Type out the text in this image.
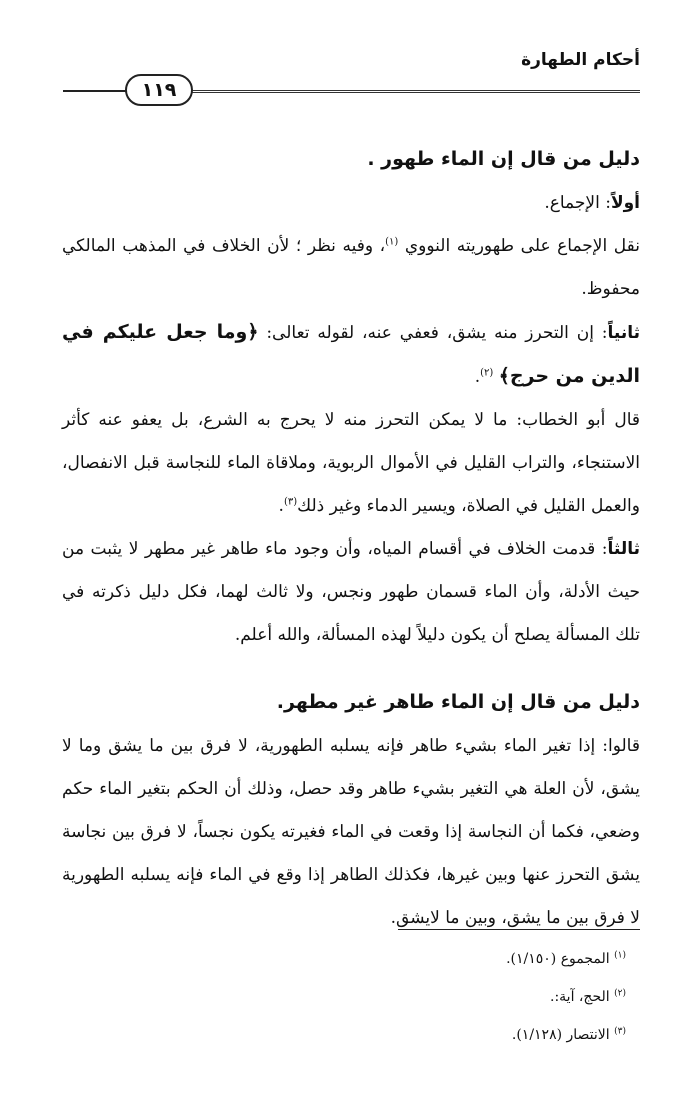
أحكام الطهارة
١١٩

دليل من قال إن الماء طهور .

أولاً: الإجماع.

نقل الإجماع على طهوريته النووي $^{(١)}$، وفيه نظر ؛ لأن الخلاف في المذهب المالكي محفوظ.

ثانياً: إن التحرز منه يشق، فعفي عنه، لقوله تعالى: ﴿وما جعل عليكم في الدين من حرج﴾ $^{(٢)}$.

قال أبو الخطاب: ما لا يمكن التحرز منه لا يحرج به الشرع، بل يعفو عنه كأثر الاستنجاء، والتراب القليل في الأموال الربوية، وملاقاة الماء للنجاسة قبل الانفصال، والعمل القليل في الصلاة، ويسير الدماء وغير ذلك$^{(٣)}$.

ثالثاً: قدمت الخلاف في أقسام المياه، وأن وجود ماء طاهر غير مطهر لا يثبت من حيث الأدلة، وأن الماء قسمان طهور ونجس، ولا ثالث لهما، فكل دليل ذكرته في تلك المسألة يصلح أن يكون دليلاً لهذه المسألة، والله أعلم.

دليل من قال إن الماء طاهر غير مطهر.

قالوا: إذا تغير الماء بشيء طاهر فإنه يسلبه الطهورية، لا فرق بين ما يشق وما لا يشق، لأن العلة هي التغير بشيء طاهر وقد حصل، وذلك أن الحكم بتغير الماء حكم وضعي، فكما أن النجاسة إذا وقعت في الماء فغيرته يكون نجساً، لا فرق بين نجاسة يشق التحرز عنها وبين غيرها، فكذلك الطاهر إذا وقع في الماء فإنه يسلبه الطهورية لا فرق بين ما يشق، وبين ما لايشق.

$^{(١)}$ المجموع (١/١٥٠).

$^{(٢)}$ الحج، آية:.

$^{(٣)}$ الانتصار (١/١٢٨).
